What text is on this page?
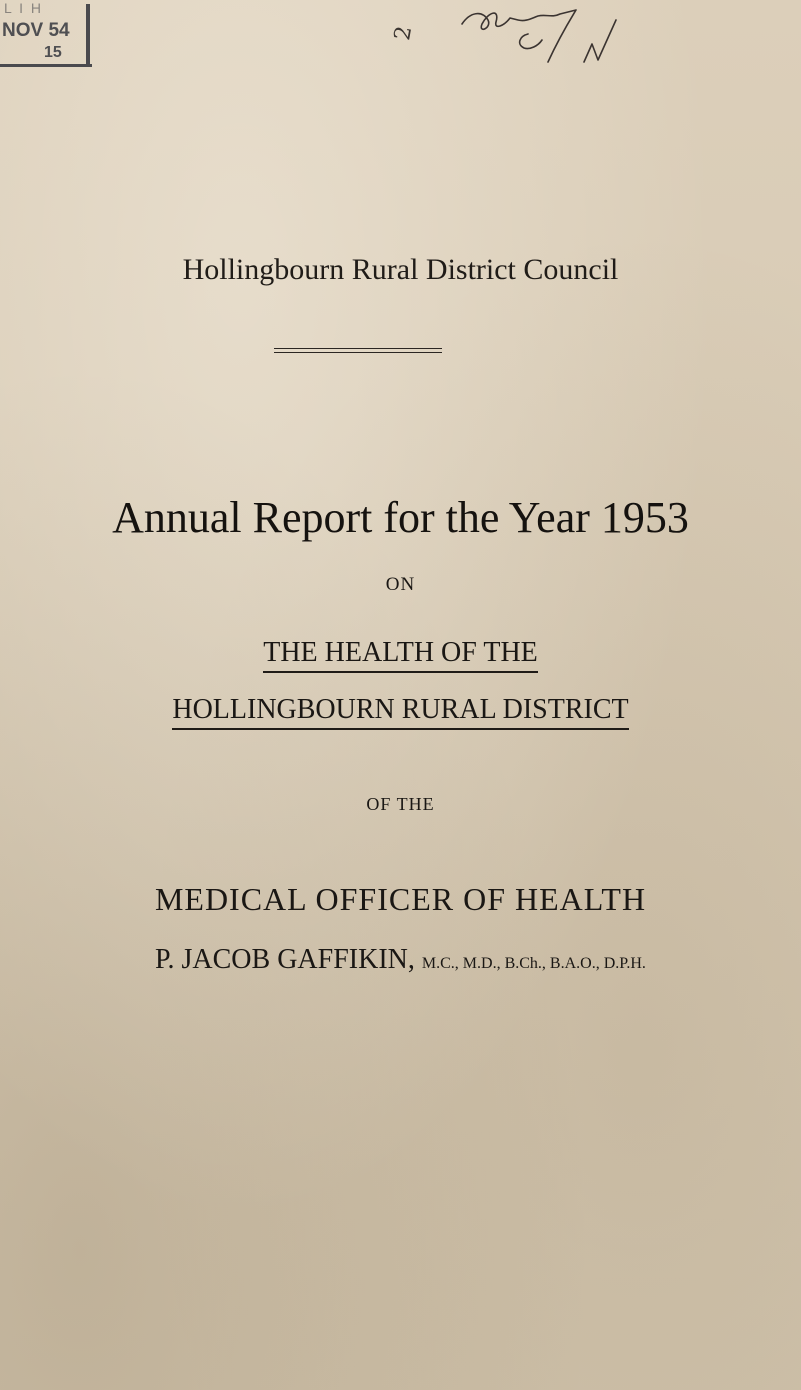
L I H
NOV 54
15
2
Hollingbourn Rural District Council
Annual Report for the Year 1953
ON
THE HEALTH OF THE
HOLLINGBOURN RURAL DISTRICT
OF THE
MEDICAL OFFICER OF HEALTH
P. JACOB GAFFIKIN, M.C., M.D., B.Ch., B.A.O., D.P.H.
